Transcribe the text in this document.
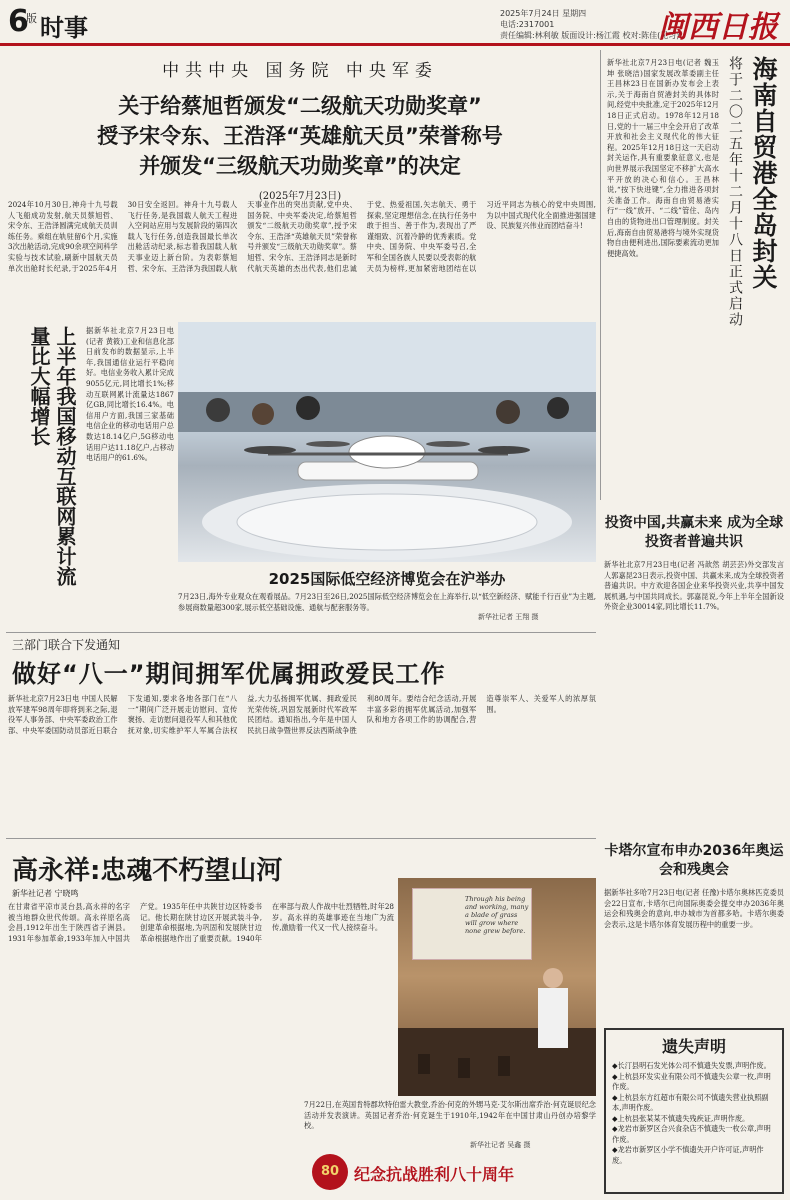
6
版 时事
2025年7月24日 星期四
电话:2317001
责任编辑:林利敏 版面设计:杨江霞 校对:陈佳(见习)
闽西日报
中共中央 国务院 中央军委
关于给蔡旭哲颁发“二级航天功勋奖章”
授予宋令东、王浩泽“英雄航天员”荣誉称号
并颁发“三级航天功勋奖章”的决定
(2025年7月23日)
2024年10月30日,神舟十九号载人飞船成功发射,航天员蔡旭哲、宋令东、王浩泽圆满完成航天员训练任务。乘组在轨驻留6个月,实施3次出舱活动,完成90余项空间科学实验与技术试验,刷新中国航天员单次出舱时长纪录,于2025年4月30日安全返回。神舟十九号载人飞行任务,是我国载人航天工程进入空间站应用与发展阶段的第四次载人飞行任务,创造我国最长单次出舱活动纪录,标志着我国载人航天事业迈上新台阶。为表彰蔡旭哲、宋令东、王浩泽为我国载人航天事业作出的突出贡献,党中央、国务院、中央军委决定,给蔡旭哲颁发“二级航天功勋奖章”,授予宋令东、王浩泽“英雄航天员”荣誉称号并颁发“三级航天功勋奖章”。蔡旭哲、宋令东、王浩泽同志是新时代航天英雄的杰出代表,他们忠诚于党、热爱祖国,矢志航天、勇于探索,坚定理想信念,在执行任务中敢于担当、善于作为,表现出了严谨细致、沉着冷静的优秀素质。党中央、国务院、中央军委号召,全军和全国各族人民要以受表彰的航天员为榜样,更加紧密地团结在以习近平同志为核心的党中央周围,为以中国式现代化全面推进强国建设、民族复兴伟业而团结奋斗!	海南自贸港全岛封关
将于二〇二五年十二月十八日正式启动
新华社北京7月23日电(记者 魏玉坤 张晓洁)国家发展改革委副主任王昌林23日在国新办发布会上表示,关于海南自贸港封关的具体时间,经党中央批准,定于2025年12月18日正式启动。1978年12月18日,党的十一届三中全会开启了改革开放和社会主义现代化的伟大征程。2025年12月18日这一天启动封关运作,具有重要象征意义,也是向世界展示我国坚定不移扩大高水平开放的决心和信心。王昌林说,“按下快进键”,全力推进各项封关准备工作。海南自由贸易港实行“一线”放开、“二线”管住、岛内自由的货物进出口管理制度。封关后,海南自由贸易港将与境外实现货物自由便利进出,国际要素流动更加便捷高效。
上半年我国移动互联网累计流量比大幅增长	据新华社北京7月23日电(记者 黄筱)工业和信息化部日前发布的数据显示,上半年,我国通信业运行平稳向好。电信业务收入累计完成9055亿元,同比增长1%;移动互联网累计流量达1867亿GB,同比增长16.4%。电信用户方面,我国三家基础电信企业的移动电话用户总数达18.14亿户,5G移动电话用户达11.18亿户,占移动电话用户的61.6%。
2025国际低空经济博览会在沪举办
7月23日,海外专业观众在观看展品。7月23日至26日,2025国际低空经济博览会在上海举行,以“低空新经济、赋能千行百业”为主题,参展商数量超300家,展示低空基础设施、通航与配套服务等。
新华社记者 王翔 摄
三部门联合下发通知
做好“八一”期间拥军优属拥政爱民工作
新华社北京7月23日电 中国人民解放军建军98周年即将到来之际,退役军人事务部、中央军委政治工作部、中央军委国防动员部近日联合下发通知,要求各地各部门在“八一”期间广泛开展走访慰问、宣传褒扬、走访慰问退役军人和其他优抚对象,切实维护军人军属合法权益,大力弘扬拥军优属、拥政爱民光荣传统,巩固发展新时代军政军民团结。通知指出,今年是中国人民抗日战争暨世界反法西斯战争胜利80周年。要结合纪念活动,开展丰富多彩的拥军优属活动,加强军队和地方各项工作的协调配合,营造尊崇军人、关爱军人的浓厚氛围。
投资中国,共赢未来 成为全球投资者普遍共识
新华社北京7月23日电(记者 冯歆然 胡芸芸)外交部发言人郭嘉昆23日表示,投资中国、共赢未来,成为全球投资者普遍共识。中方欢迎各国企业来华投资兴业,共享中国发展机遇,与中国共同成长。郭嘉昆说,今年上半年全国新设外资企业30014家,同比增长11.7%。
卡塔尔宣布申办2036年奥运会和残奥会
据新华社多哈7月23日电(记者 任豫)卡塔尔奥林匹克委员会22日宣布,卡塔尔已向国际奥委会提交申办2036年奥运会和残奥会的意向,申办城市为首都多哈。卡塔尔奥委会表示,这是卡塔尔体育发展历程中的重要一步。
高永祥:忠魂不朽望山河
新华社记者 宁晓鸣
在甘肃省平凉市灵台县,高永祥的名字被当地群众世代传颂。高永祥原名高会昌,1912年出生于陕西省子洲县。1931年参加革命,1933年加入中国共产党。1935年任中共陕甘边区特委书记。他长期在陕甘边区开展武装斗争,创建革命根据地,为巩固和发展陕甘边革命根据地作出了重要贡献。1940年在率部与敌人作战中壮烈牺牲,时年28岁。高永祥的英雄事迹在当地广为流传,激励着一代又一代人接续奋斗。
Through his being and working, many a blade of grass will grow where none grew before.
7月22日,在英国肯特郡坎特伯雷大教堂,乔治·何克的外甥马克·艾尔斯出席乔治·何克诞辰纪念活动并发表演讲。英国记者乔治·何克诞生于1910年,1942年在中国甘肃山丹创办培黎学校。
新华社记者 吴鑫 摄
80 纪念抗战胜利八十周年
遗失声明
◆长汀县明石发光体公司不慎遗失发票,声明作废。
◆上杭县环发实业有限公司不慎遗失公章一枚,声明作废。
◆上杭县东方红超市有限公司不慎遗失营业执照副本,声明作废。
◆上杭县张某某不慎遗失残疾证,声明作废。
◆龙岩市新罗区合兴食杂店不慎遗失一枚公章,声明作废。
◆龙岩市新罗区小学不慎遗失开户许可证,声明作废。
